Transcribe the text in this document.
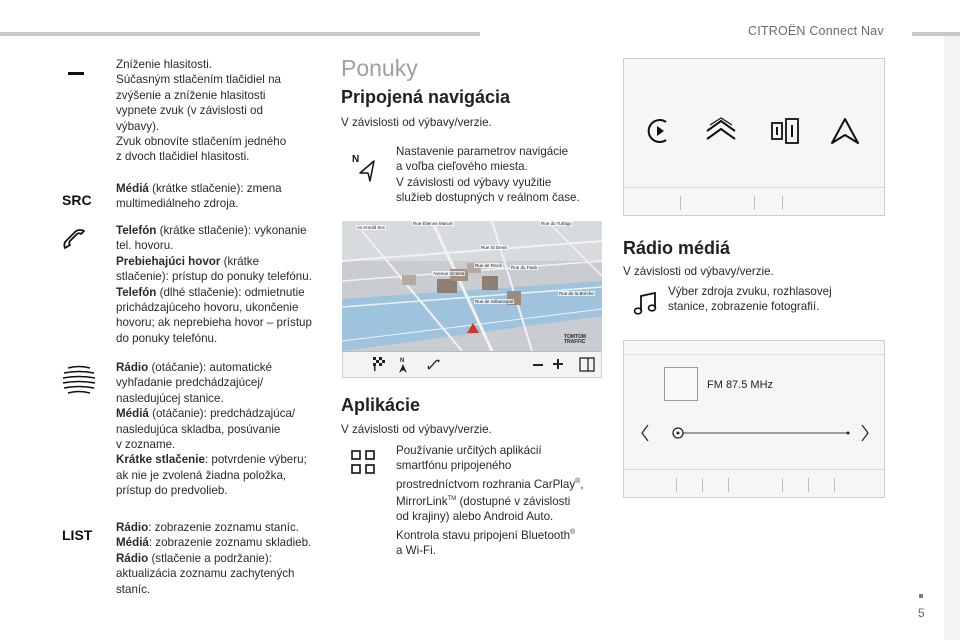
CITROËN Connect Nav
5
Zníženie hlasitosti.
Súčasným stlačením tlačidiel na
zvýšenie a zníženie hlasitosti
vypnete zvuk (v závislosti od
výbavy).
Zvuk obnovíte stlačením jedného
z dvoch tlačidiel hlasitosti.
SRC
Médiá (krátke stlačenie): zmena
multimediálneho zdroja.
Telefón (krátke stlačenie): vykonanie
tel. hovoru.
Prebiehajúci hovor (krátke
stlačenie): prístup do ponuky telefónu.
Telefón (dlhé stlačenie): odmietnutie
prichádzajúceho hovoru, ukončenie
hovoru; ak neprebieha hovor – prístup
do ponuky telefónu.
Rádio (otáčanie): automatické
vyhľadanie predchádzajúcej/
nasledujúcej stanice.
Médiá (otáčanie): predchádzajúca/
nasledujúca skladba, posúvanie
v zozname.
Krátke stlačenie: potvrdenie výberu;
ak nie je zvolená žiadna položka,
prístup do predvolieb.
LIST Rádio: zobrazenie zoznamu staníc.
Médiá: zobrazenie zoznamu skladieb.
Rádio (stlačenie a podržanie):
aktualizácia zoznamu zachytených
staníc.
Ponuky
Pripojená navigácia
V závislosti od výbavy/verzie.
N
Nastavenie parametrov navigácie
a voľba cieľového miesta.
V závislosti od výbavy využitie
služieb dostupných v reálnom čase.
Av Arnold Sec
Rue Étienne Marcel	Rue du Turbigo
Rue St Denis
Rue de Rivoli Rue du Faub
Rue de la Brèche
Rue de Sébastopol
Avenue Victoria
TOMTOM
TRAFFIC
N
Aplikácie
V závislosti od výbavy/verzie.
Používanie určitých aplikácií
smartfónu pripojeného
prostredníctvom rozhrania CarPlay®,
MirrorLink™ (dostupné v závislosti
od krajiny) alebo Android Auto.
Kontrola stavu pripojení Bluetooth®
a Wi-Fi.
Rádio médiá
V závislosti od výbavy/verzie.
Výber zdroja zvuku, rozhlasovej
stanice, zobrazenie fotografií.
FM 87.5 MHz
